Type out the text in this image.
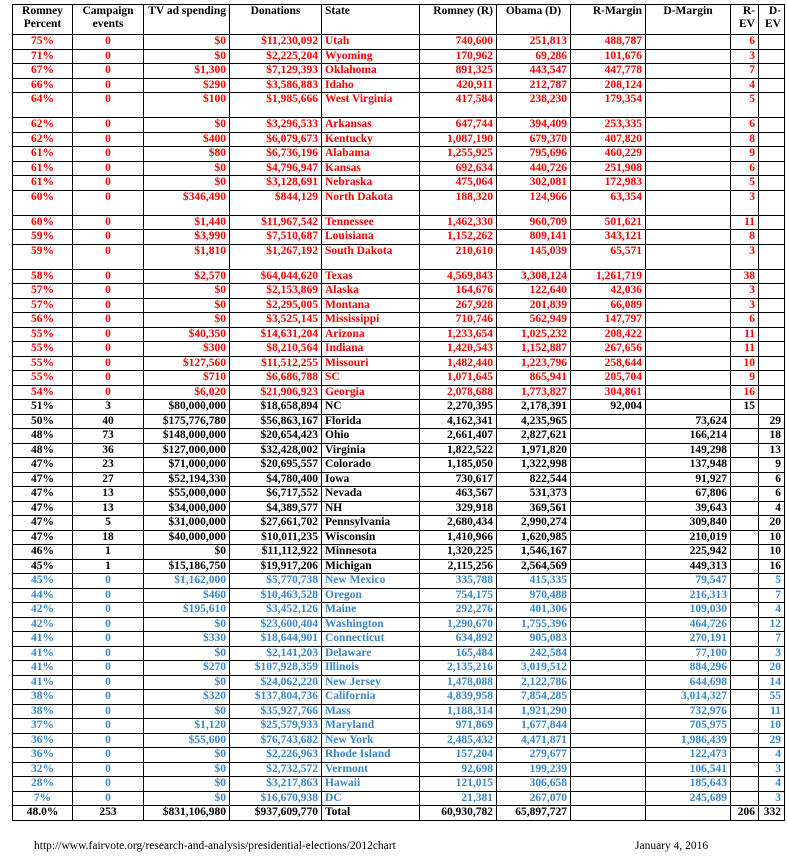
Romney Percent	Campaign events	TV ad spending	Donations	State	Romney (R)	Obama (D)	R-Margin	D-Margin	R-EV	D-EV
75%	0	$0	$11,230,092	Utah	740,600	251,813	488,787		6	
71%	0	$0	$2,225,204	Wyoming	170,962	69,286	101,676		3	
67%	0	$1,300	$7,129,393	Oklahoma	891,325	443,547	447,778		7	
66%	0	$290	$3,586,883	Idaho	420,911	212,787	208,124		4	
64%	0	$100	$1,985,666	West Virginia	417,584	238,230	179,354		5	
62%	0	$0	$3,296,533	Arkansas	647,744	394,409	253,335		6	
62%	0	$400	$6,079,673	Kentucky	1,087,190	679,370	407,820		8	
61%	0	$80	$6,736,196	Alabama	1,255,925	795,696	460,229		9	
61%	0	$0	$4,796,947	Kansas	692,634	440,726	251,908		6	
61%	0	$0	$3,128,691	Nebraska	475,064	302,081	172,983		5	
60%	0	$346,490	$844,129	North Dakota	188,320	124,966	63,354		3	
60%	0	$1,440	$11,967,542	Tennessee	1,462,330	960,709	501,621		11	
59%	0	$3,990	$7,510,687	Louisiana	1,152,262	809,141	343,121		8	
59%	0	$1,810	$1,267,192	South Dakota	210,610	145,039	65,571		3	
58%	0	$2,570	$64,044,620	Texas	4,569,843	3,308,124	1,261,719		38	
57%	0	$0	$2,153,869	Alaska	164,676	122,640	42,036		3	
57%	0	$0	$2,295,005	Montana	267,928	201,839	66,089		3	
56%	0	$0	$3,525,145	Mississippi	710,746	562,949	147,797		6	
55%	0	$40,350	$14,631,204	Arizona	1,233,654	1,025,232	208,422		11	
55%	0	$300	$8,210,564	Indiana	1,420,543	1,152,887	267,656		11	
55%	0	$127,560	$11,512,255	Missouri	1,482,440	1,223,796	258,644		10	
55%	0	$710	$6,686,788	SC	1,071,645	865,941	205,704		9	
54%	0	$6,020	$21,906,923	Georgia	2,078,688	1,773,827	304,861		16	
51%	3	$80,000,000	$18,658,894	NC	2,270,395	2,178,391	92,004		15	
50%	40	$175,776,780	$56,863,167	Florida	4,162,341	4,235,965		73,624		29
48%	73	$148,000,000	$20,654,423	Ohio	2,661,407	2,827,621		166,214		18
48%	36	$127,000,000	$32,428,002	Virginia	1,822,522	1,971,820		149,298		13
47%	23	$71,000,000	$20,695,557	Colorado	1,185,050	1,322,998		137,948		9
47%	27	$52,194,330	$4,780,400	Iowa	730,617	822,544		91,927		6
47%	13	$55,000,000	$6,717,552	Nevada	463,567	531,373		67,806		6
47%	13	$34,000,000	$4,389,577	NH	329,918	369,561		39,643		4
47%	5	$31,000,000	$27,661,702	Pennsylvania	2,680,434	2,990,274		309,840		20
47%	18	$40,000,000	$10,011,235	Wisconsin	1,410,966	1,620,985		210,019		10
46%	1	$0	$11,112,922	Minnesota	1,320,225	1,546,167		225,942		10
45%	1	$15,186,750	$19,917,206	Michigan	2,115,256	2,564,569		449,313		16
45%	0	$1,162,000	$5,770,738	New Mexico	335,788	415,335		79,547		5
44%	0	$460	$10,463,528	Oregon	754,175	970,488		216,313		7
42%	0	$195,610	$3,452,126	Maine	292,276	401,306		109,030		4
42%	0	$0	$23,600,404	Washington	1,290,670	1,755,396		464,726		12
41%	0	$330	$18,644,901	Connecticut	634,892	905,083		270,191		7
41%	0	$0	$2,141,203	Delaware	165,484	242,584		77,100		3
41%	0	$270	$107,928,359	Illinois	2,135,216	3,019,512		884,296		20
41%	0	$0	$24,062,220	New Jersey	1,478,088	2,122,786		644,698		14
38%	0	$320	$137,804,736	California	4,839,958	7,854,285		3,014,327		55
38%	0	$0	$35,927,766	Mass	1,188,314	1,921,290		732,976		11
37%	0	$1,120	$25,579,933	Maryland	971,869	1,677,844		705,975		10
36%	0	$55,600	$76,743,682	New York	2,485,432	4,471,871		1,986,439		29
36%	0	$0	$2,226,963	Rhode Island	157,204	279,677		122,473		4
32%	0	$0	$2,732,572	Vermont	92,698	199,239		106,541		3
28%	0	$0	$3,217,863	Hawaii	121,015	306,658		185,643		4
7%	0	$0	$16,670,938	DC	21,381	267,070		245,689		3
48.0%	253	$831,106,980	$937,609,770	Total	60,930,782	65,897,727			206	332
http://www.fairvote.org/research-and-analysis/presidential-elections/2012chart	January 4, 2016
